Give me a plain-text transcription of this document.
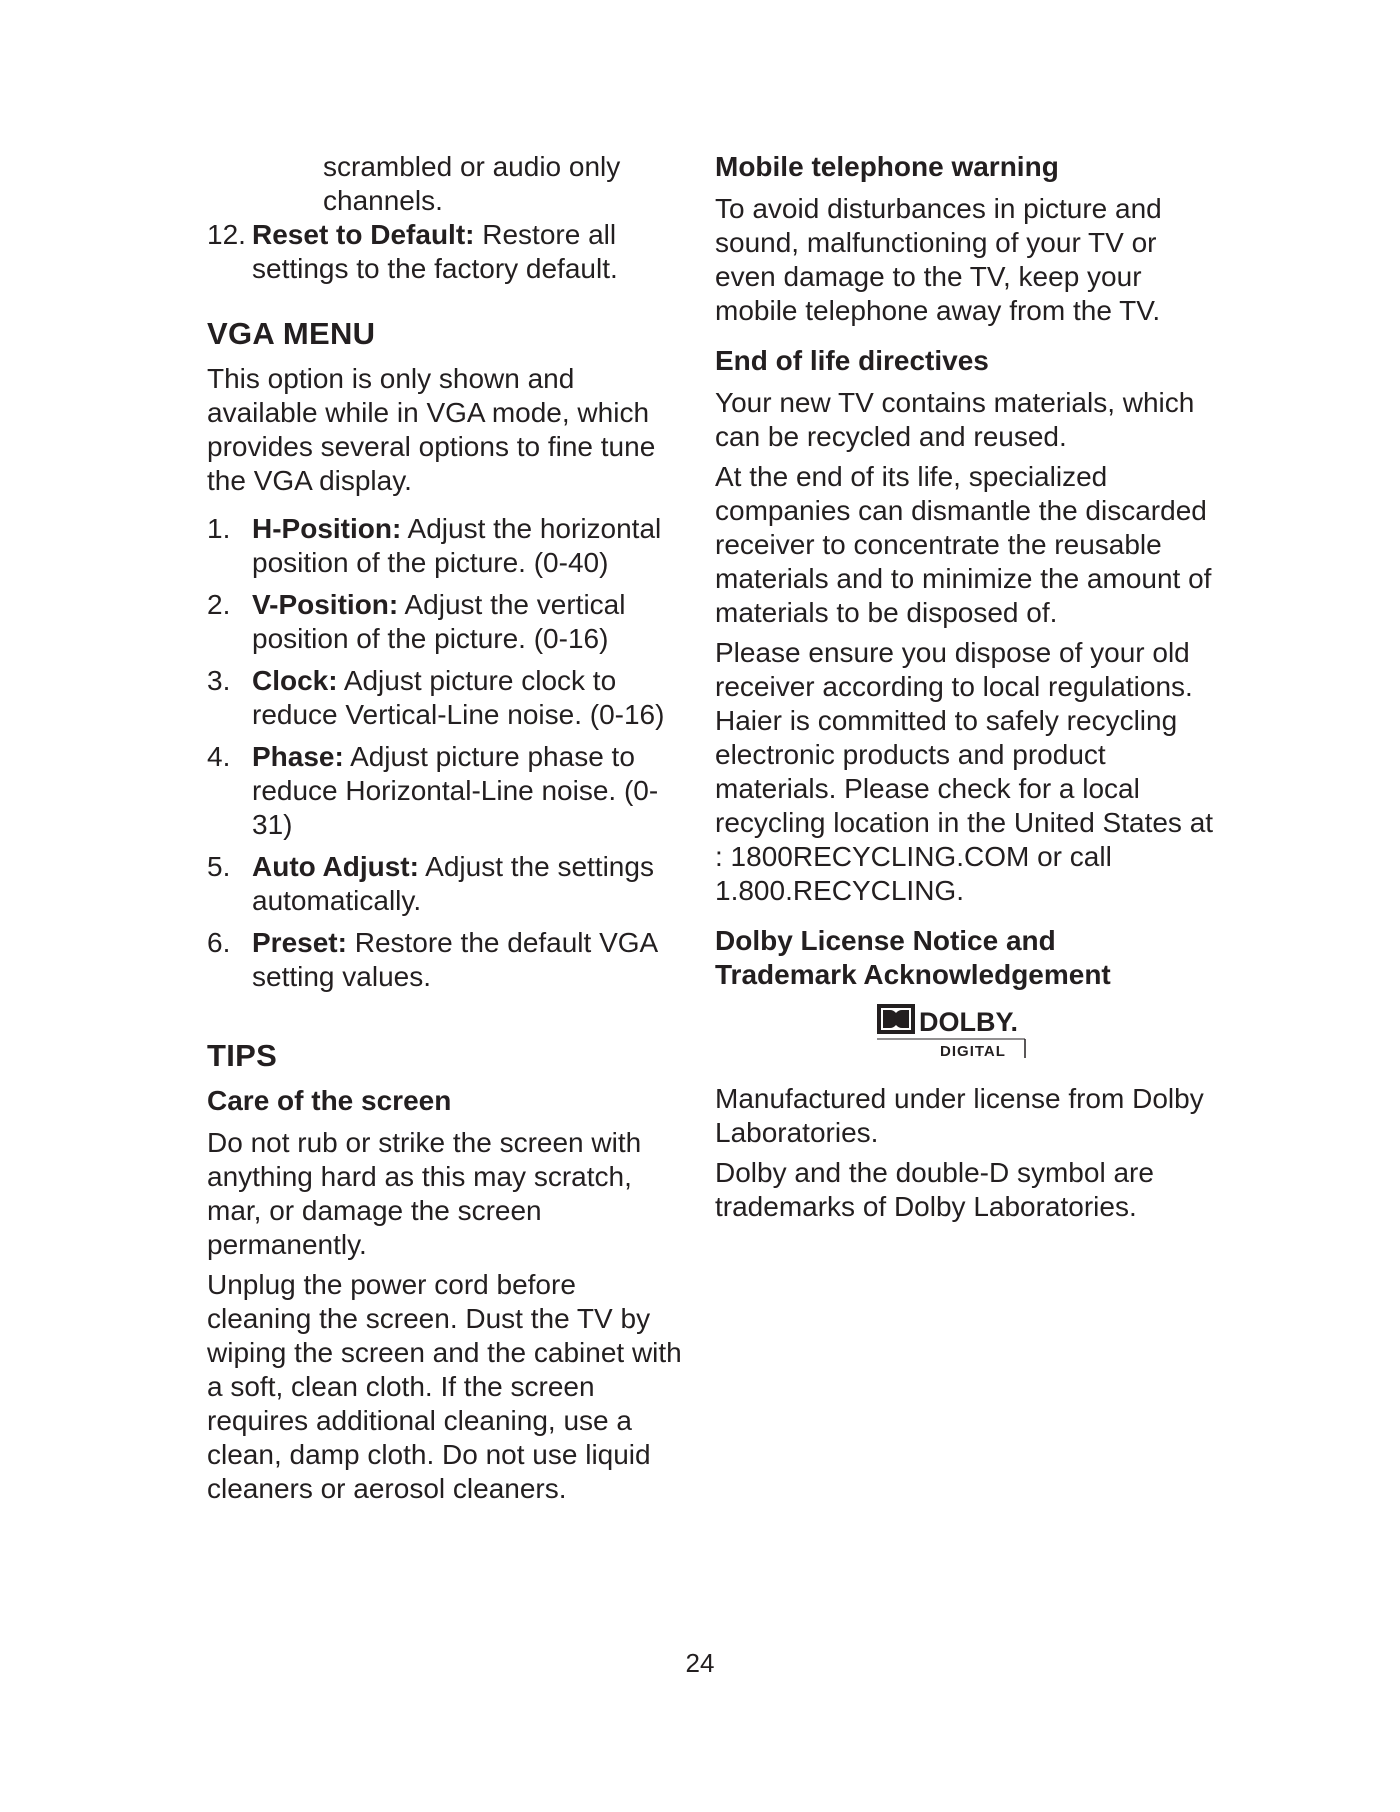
scrambled or audio only channels.

12. Reset to Default: Restore all settings to the factory default.
VGA MENU

This option is only shown and available while in VGA mode, which provides several options to fine tune the VGA display.

1. H-Position: Adjust the horizontal position of the picture. (0-40)
2. V-Position: Adjust the vertical position of the picture. (0-16)
3. Clock: Adjust picture clock to reduce Vertical-Line noise. (0-16)
4. Phase: Adjust picture phase to reduce Horizontal-Line noise. (0-31)
5. Auto Adjust: Adjust the settings automatically.
6. Preset: Restore the default VGA setting values.
TIPS
Care of the screen

Do not rub or strike the screen with anything hard as this may scratch, mar, or damage the screen permanently.

Unplug the power cord before cleaning the screen. Dust the TV by wiping the screen and the cabinet with a soft, clean cloth. If the screen requires additional cleaning, use a clean, damp cloth. Do not use liquid cleaners or aerosol cleaners.

Mobile telephone warning

To avoid disturbances in picture and sound, malfunctioning of your TV or even damage to the TV, keep your mobile telephone away from the TV.

End of life directives

Your new TV contains materials, which can be recycled and reused.

At the end of its life, specialized companies can dismantle the discarded receiver to concentrate the reusable materials and to minimize the amount of materials to be disposed of.

Please ensure you dispose of your old receiver according to local regulations. Haier is committed to safely recycling electronic products and product materials. Please check for a local recycling location in the United States at : 1800RECYCLING.COM or call 1.800.RECYCLING.

Dolby License Notice and
Trademark Acknowledgement
DOLBY.
DIGITAL

Manufactured under license from Dolby Laboratories.

Dolby and the double-D symbol are trademarks of Dolby Laboratories.

24
